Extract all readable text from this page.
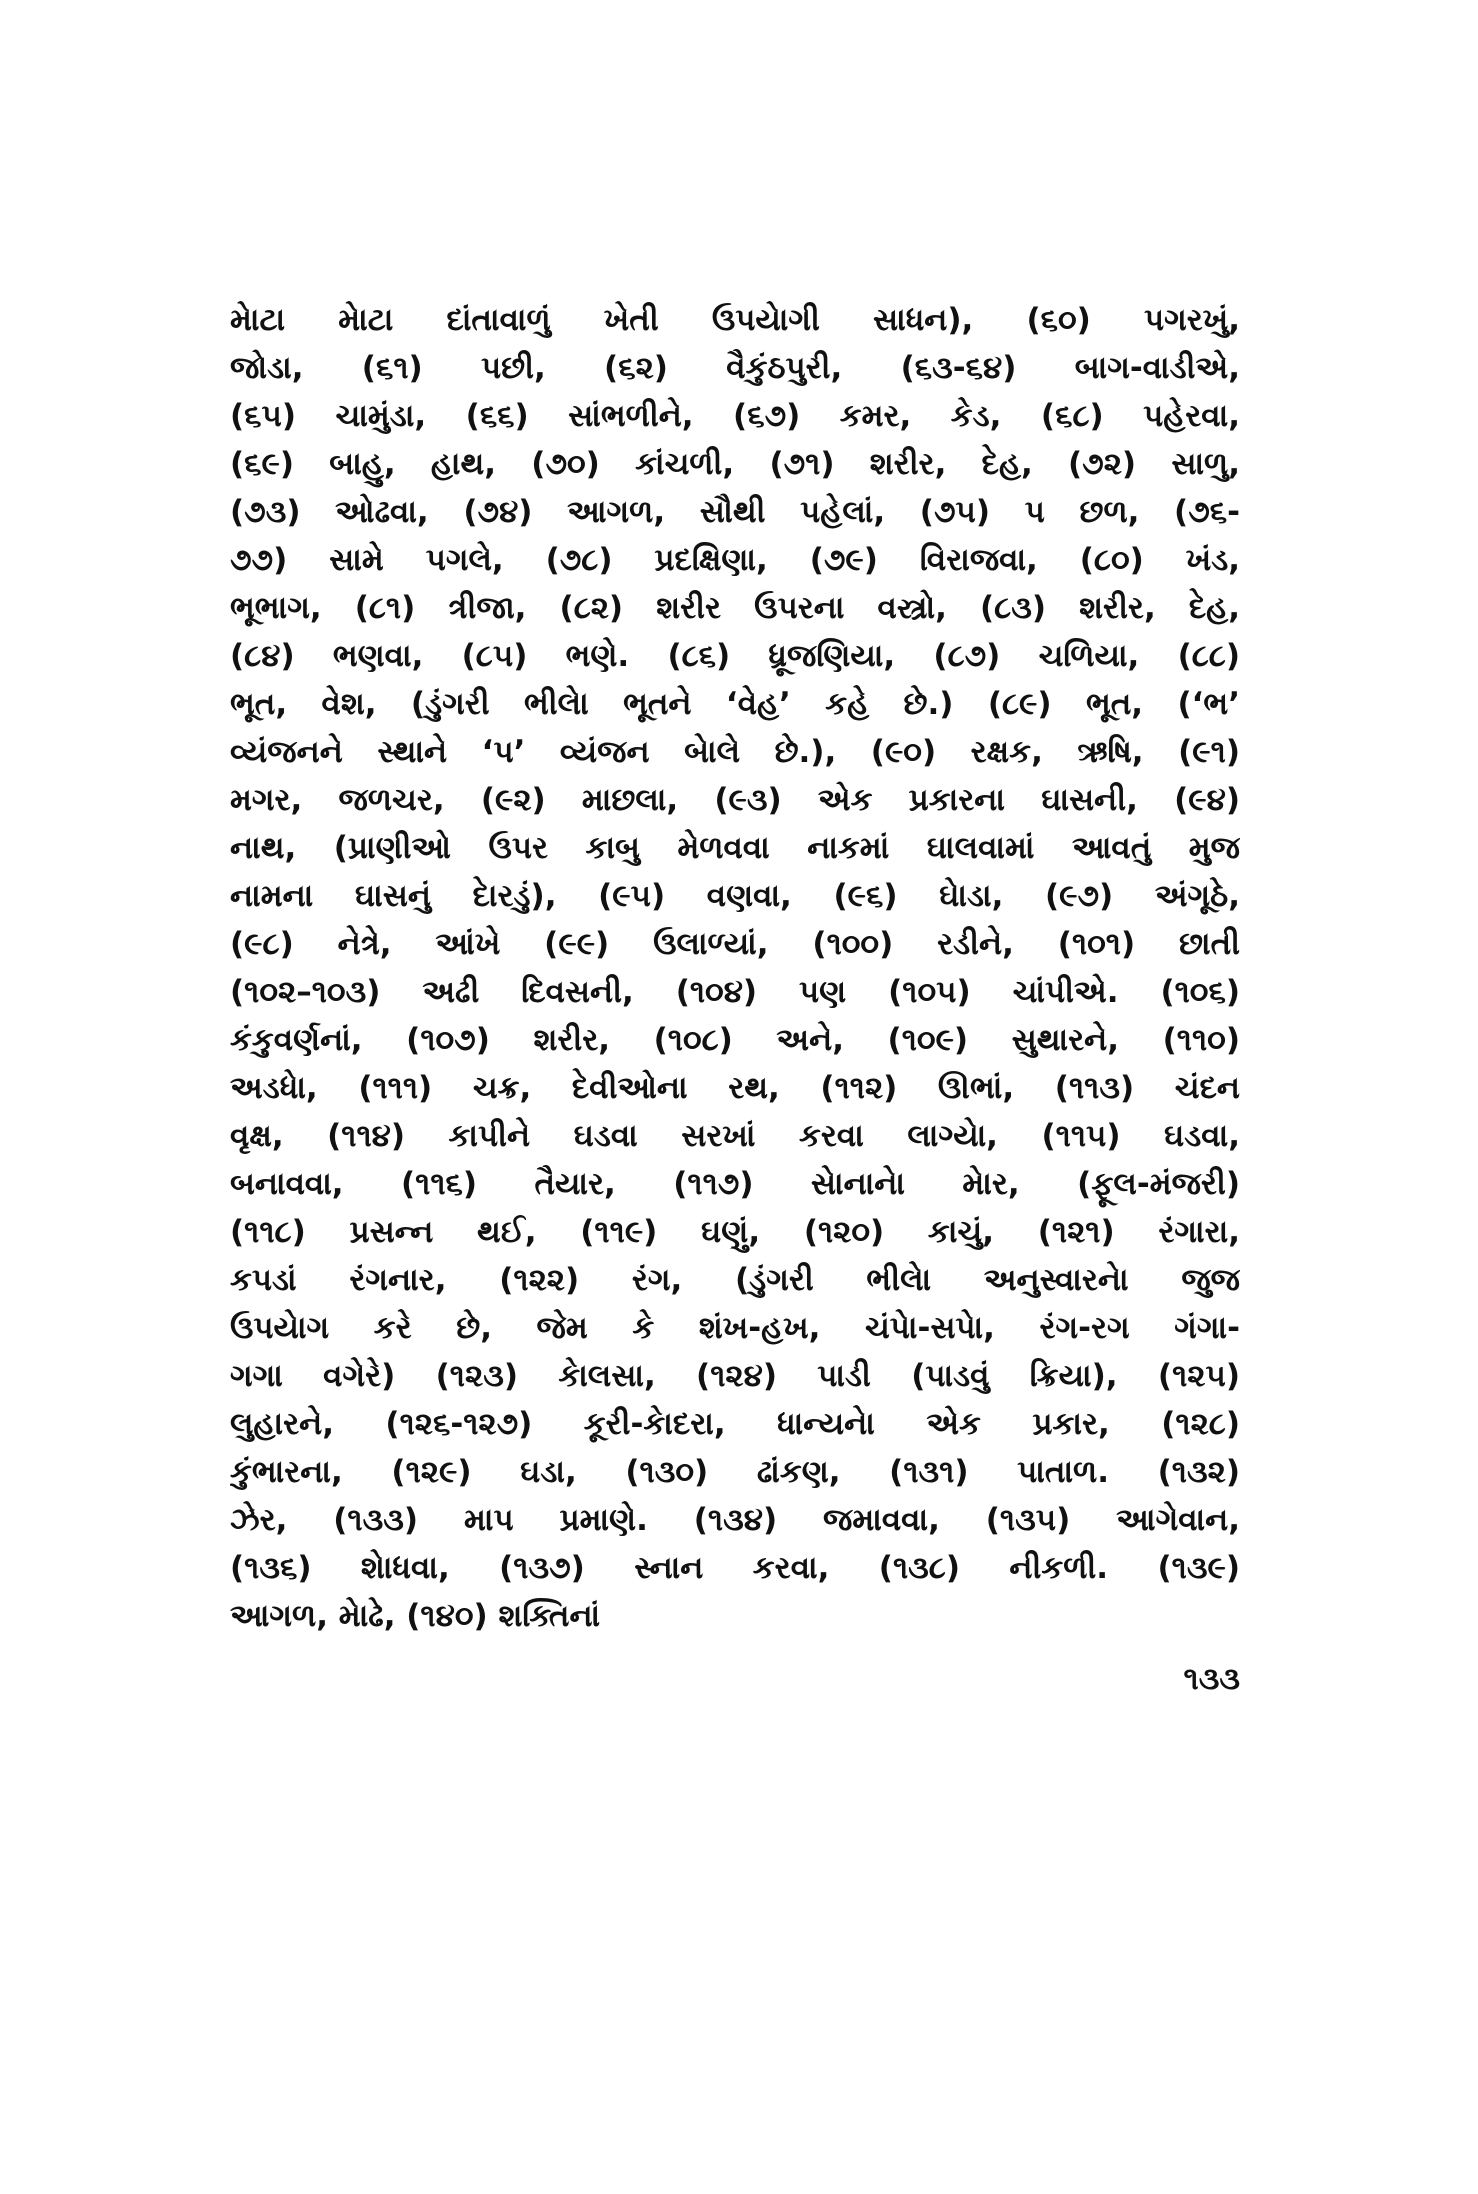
મેાટા મેાટા દાંતાવાળું ખેતી ઉપયેાગી સાધન), (૬૦) પગરખું,
જોડા, (૬૧) પછી, (૬૨) વૈકુંઠપુરી, (૬૩-૬૪) બાગ-વાડીએ,
(૬૫) ચામુંડા, (૬૬) સાંભળીને, (૬૭) કમર, કેડ, (૬૮) પહેરવા,
(૬૯) બાહુ, હાથ, (૭૦) કાંચળી, (૭૧) શરીર, દેહ, (૭૨) સાળુ,
(૭૩) ઓઢવા, (૭૪) આગળ, સૌથી પહેલાં, (૭૫) પ છળ, (૭૬-
૭૭) સામે પગલે, (૭૮) પ્રદક્ષિણા, (૭૯) વિરાજવા, (૮૦) ખંડ,
ભૂભાગ, (૮૧) ત્રીજા, (૮૨) શરીર ઉપરના વસ્ત્રો, (૮૩) શરીર, દેહ,
(૮૪) ભણવા, (૮૫) ભણે. (૮૬) ધ્રૂજણિયા, (૮૭) ચળિયા, (૮૮)
ભૂત, વેશ, (ડુંગરી ભીલેા ભૂતને ‘વેહ’ કહે છે.) (૮૯) ભૂત, (‘ભ’
વ્યંજનને સ્થાને ‘પ’ વ્યંજન બેાલે છે.), (૯૦) રક્ષક, ઋષિ, (૯૧)
મગર, જળચર, (૯૨) માછલા, (૯૩) એક પ્રકારના ઘાસની, (૯૪)
નાથ, (પ્રાણીઓ ઉપર કાબુ મેળવવા નાકમાં ઘાલવામાં આવતું મુજ
નામના ઘાસનું દેારડું), (૯૫) વણવા, (૯૬) ઘેાડા, (૯૭) અંગૂઠે,
(૯૮) નેત્રે, આંખે (૯૯) ઉલાળ્યાં, (૧૦૦) રડીને, (૧૦૧) છાતી
(૧૦૨–૧૦૩) અઢી દિવસની, (૧૦૪) પણ (૧૦૫) ચાંપીએ. (૧૦૬)
કંકુવર્ણનાં, (૧૦૭) શરીર, (૧૦૮) અને, (૧૦૯) સુથારને, (૧૧૦)
અડધેા, (૧૧૧) ચક્ર, દેવીઓના રથ, (૧૧૨) ઊભાં, (૧૧૩) ચંદન
વૃક્ષ, (૧૧૪) કાપીને ઘડવા સરખાં કરવા લાગ્યેા, (૧૧૫) ઘડવા,
બનાવવા, (૧૧૬) તૈયાર, (૧૧૭) સેાનાનેા મેાર, (ફૂલ-મંજરી)
(૧૧૮) પ્રસન્ન થઈ, (૧૧૯) ઘણું, (૧૨૦) કાચું, (૧૨૧) રંગારા,
કપડાં રંગનાર, (૧૨૨) રંગ, (ડુંગરી ભીલેા અનુસ્વારનેા જુજ
ઉપયેાગ કરે છે, જેમ કે શંખ-હખ, ચંપેા-સપેા, રંગ-રગ ગંગા-
ગગા વગેરે) (૧૨૩) કેાલસા, (૧૨૪) પાડી (પાડવું ક્રિયા), (૧૨૫)
લુહારને, (૧૨૬-૧૨૭) કૂરી-કેાદરા, ધાન્યનેા એક પ્રકાર, (૧૨૮)
કુંભારના, (૧૨૯) ઘડા, (૧૩૦) ઢાંકણ, (૧૩૧) પાતાળ. (૧૩૨)
ઝેર, (૧૩૩) માપ પ્રમાણે. (૧૩૪) જમાવવા, (૧૩૫) આગેવાન,
(૧૩૬) શેાધવા, (૧૩૭) સ્નાન કરવા, (૧૩૮) નીકળી. (૧૩૯)
આગળ, મેાઢે, (૧૪૦) શક્તિનાં
૧૩૩
